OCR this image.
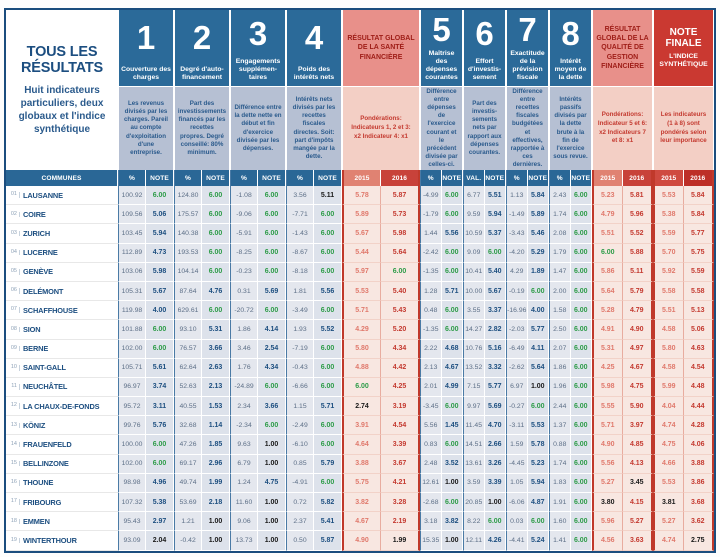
TOUS LES RÉSULTATS
Huit indicateurs particuliers, deux globaux et l'indice synthétique
1
Couverture des charges
2
Degré d'auto-financement
3
Engagements supplémen-taires
4
Poids des intérêts nets
RÉSULTAT GLOBAL DE LA SANTÉ FINANCIÈRE
5
Maîtrise des dépenses courantes
6
Effort d'investis-sement
7
Exactitude de la prévision fiscale
8
Intérêt moyen de la dette
RÉSULTAT GLOBAL DE LA QUALITÉ DE GESTION FINANCIÈRE
NOTE FINALE
L'INDICE SYNTHÉTIQUE
Les revenus divisés par les charges. Pareil au compte d'exploitation d'une entreprise.
Part des investissements financés par les recettes propres. Degré conseillé: 80% minimum.
Différence entre la dette nette en début et fin d'exercice divisée par les dépenses.
Intérêts nets divisés par les recettes fiscales directes. Soit: part d'impôts mangée par la dette.
Pondérations: Indicateurs 1, 2 et 3: x2 Indicateur 4: x1
Différence entre dépenses de l'exercice courant et le précédent divisée par celles-ci.
Part des investis-sements nets par rapport aux dépenses courantes.
Différence entre recettes fiscales budgétées et effectives, rapportée à ces dernières.
Intérêts passifs divisés par la dette brute à la fin de l'exercice sous revue.
Pondérations: Indicateur 5 et 6: x2 Indicateurs 7 et 8: x1
Les indicateurs (1 à 8) sont pondérés selon leur importance
COMMUNES	%	NOTE	%	NOTE	%	NOTE	%	NOTE	2015	2016	%	NOTE VAL. NOTE	%	NOTE	%	NOTE	2015	2016	2015	2016
01 LAUSANNE	100.92	6.00	124.80	6.00	-1.08	6.00	3.56	5.11	5.78	5.87	-4.99 6.00	6.77	5.51	1.13	5.84	2.43	6.00	5.23	5.81	5.53	5.84
02 COIRE	109.56	5.06	175.57	6.00	-9.06	6.00	-7.71	6.00	5.89	5.73	-1.79 6.00	9.59	5.94	-1.49 5.89	1.74	6.00	4.79	5.96	5.38	5.84
03 ZURICH	103.45	5.94	140.38	6.00	-5.91	6.00	-1.43	6.00	5.67	5.98	1.44	5.56 10.59 5.37	-3.43 5.46	2.08	6.00	5.51	5.52	5.59	5.77
04 LUCERNE	112.89	4.73	193.53	6.00	-8.25	6.00	-8.67	6.00	5.44	5.64	-2.42 6.00	9.09	6.00	-4.20 5.29	1.79	6.00	6.00	5.88	5.70	5.75
05 GENÈVE	103.06	5.98	104.14	6.00	-0.23	6.00	-8.18	6.00	5.97	6.00	-1.35 6.00 10.41 5.40	4.29	1.89	1.47	6.00	5.86	5.11	5.92	5.59
06 DELÉMONT	105.31	5.67	87.64	4.76	0.31	5.69	1.81	5.56	5.53	5.40	1.28	5.71 10.00 5.67	-0.19 6.00	2.00	6.00	5.64	5.79	5.58	5.58
07 SCHAFFHOUSE	119.98	4.00	629.61	6.00	-20.72	6.00	-3.49	6.00	5.71	5.43	0.48	6.00	3.55	3.37 -16.96 4.00	1.58	6.00	5.28	4.79	5.51	5.13
08 SION	101.88	6.00	93.10	5.31	1.86	4.14	1.93	5.52	4.29	5.20	-1.35 6.00 14.27 2.82	-2.03 5.77	2.50	6.00	4.91	4.90	4.58	5.06
09 BERNE	102.00	6.00	76.57	3.66	3.46	2.54	-7.19	6.00	5.80	4.34	2.22	4.68 10.76 5.16	-6.49 4.11	2.07	6.00	5.31	4.97	5.80	4.63
10 SAINT-GALL	105.71	5.61	62.64	2.63	1.76	4.34	-0.43	6.00	4.88	4.42	2.13	4.67 13.52 3.32	-2.62 5.64	1.86	6.00	4.25	4.67	4.58	4.54
11 NEUCHÂTEL	96.97	3.74	52.63	2.13	-24.89	6.00	-6.66	6.00	6.00	4.25	2.01	4.99	7.15	5.77	6.97	1.00	1.96	6.00	5.98	4.75	5.99	4.48
12 LA CHAUX-DE-FONDS	95.72	3.11	40.55	1.53	2.34	3.66	1.15	5.71	2.74	3.19	-3.45 6.00	9.97	5.69	-0.27 6.00	2.44	6.00	5.55	5.90	4.04	4.44
13 KÖNIZ	99.76	5.76	32.68	1.14	-2.34	6.00	-2.49	6.00	3.91	4.54	5.56	1.45	11.45 4.70	-3.11 5.53	1.37	6.00	5.71	3.97	4.74	4.28
14 FRAUENFELD	100.00	6.00	47.26	1.85	9.63	1.00	-6.10	6.00	4.64	3.39	0.83	6.00 14.51 2.66	1.59	5.78	0.88	6.00	4.90	4.85	4.75	4.06
15 BELLINZONE	102.00	6.00	69.17	2.96	6.79	1.00	0.85	5.79	3.88	3.67	2.48	3.52 13.61 3.26	-4.45 5.23	1.74	6.00	5.56	4.13	4.66	3.88
16 THOUNE	98.98	4.96	49.74	1.99	1.24	4.75	-4.91	6.00	5.75	4.21	12.61 1.00	3.59	3.39	1.05	5.94	1.83	6.00	5.27	3.45	5.53	3.86
17 FRIBOURG	107.32	5.38	53.69	2.18	11.60	1.00	0.72	5.82	3.82	3.28	-2.68 6.00 20.85 1.00	-6.06 4.87	1.91	6.00	3.80	4.15	3.81	3.68
18 EMMEN	95.43	2.97	1.21	1.00	9.06	1.00	2.37	5.41	4.67	2.19	3.18	3.82	8.22	6.00	0.03	6.00	1.60	6.00	5.96	5.27	5.27	3.62
19 WINTERTHOUR	93.09	2.04	-0.42	1.00	13.73	1.00	0.50	5.87	4.90	1.99	15.35 1.00	12.11 4.26	-4.41 5.24	1.41	6.00	4.56	3.63	4.74	2.75
